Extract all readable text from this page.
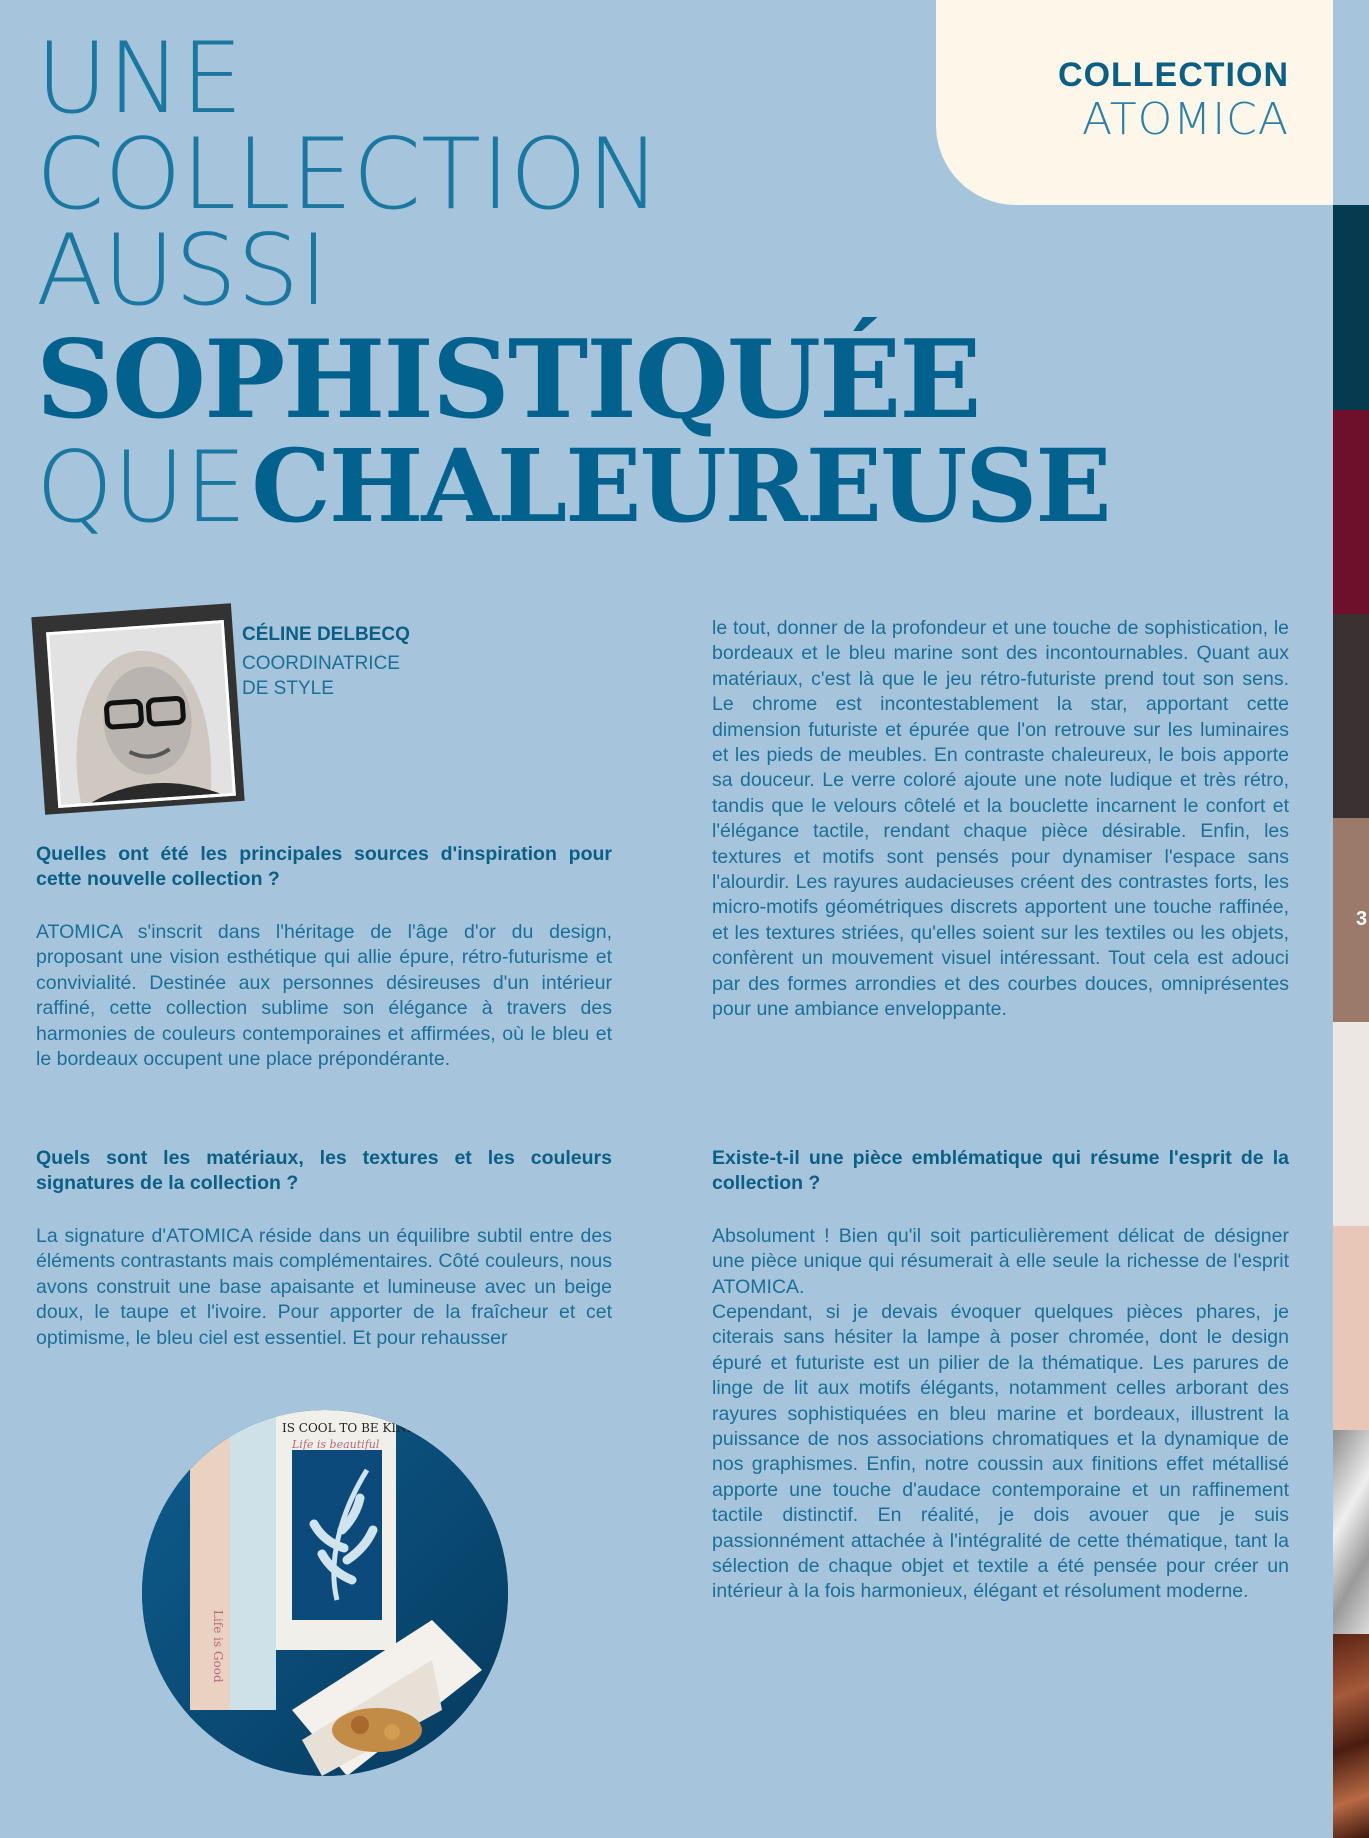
UNE
COLLECTION
AUSSI
SOPHISTIQUÉE
QUE CHALEUREUSE
COLLECTION
ATOMICA
3
CÉLINE DELBECQ
COORDINATRICE
DE STYLE
Quelles ont été les principales sources d'inspiration pour cette nouvelle collection ?
ATOMICA s'inscrit dans l'héritage de l'âge d'or du design, proposant une vision esthétique qui allie épure, rétro-futurisme et convivialité. Destinée aux personnes désireuses d'un intérieur raffiné, cette collection sublime son élégance à travers des harmonies de couleurs contemporaines et affirmées, où le bleu et le bordeaux occupent une place prépondérante.
Quels sont les matériaux, les textures et les couleurs signatures de la collection ?
La signature d'ATOMICA réside dans un équilibre subtil entre des éléments contrastants mais complémentaires. Côté couleurs, nous avons construit une base apaisante et lumineuse avec un beige doux, le taupe et l'ivoire. Pour apporter de la fraîcheur et cet optimisme, le bleu ciel est essentiel. Et pour rehausser
IS COOL TO BE KIND
Life is beautiful
Life is Good
le tout, donner de la profondeur et une touche de sophistication, le bordeaux et le bleu marine sont des incontournables. Quant aux matériaux, c'est là que le jeu rétro-futuriste prend tout son sens. Le chrome est incontestablement la star, apportant cette dimension futuriste et épurée que l'on retrouve sur les luminaires et les pieds de meubles. En contraste chaleureux, le bois apporte sa douceur. Le verre coloré ajoute une note ludique et très rétro, tandis que le velours côtelé et la bouclette incarnent le confort et l'élégance tactile, rendant chaque pièce désirable. Enfin, les textures et motifs sont pensés pour dynamiser l'espace sans l'alourdir. Les rayures audacieuses créent des contrastes forts, les micro-motifs géométriques discrets apportent une touche raffinée, et les textures striées, qu'elles soient sur les textiles ou les objets, confèrent un mouvement visuel intéressant. Tout cela est adouci par des formes arrondies et des courbes douces, omniprésentes pour une ambiance enveloppante.
Existe-t-il une pièce emblématique qui résume l'esprit de la collection ?
Absolument ! Bien qu'il soit particulièrement délicat de désigner une pièce unique qui résumerait à elle seule la richesse de l'esprit ATOMICA.
Cependant, si je devais évoquer quelques pièces phares, je citerais sans hésiter la lampe à poser chromée, dont le design épuré et futuriste est un pilier de la thématique. Les parures de linge de lit aux motifs élégants, notamment celles arborant des rayures sophistiquées en bleu marine et bordeaux, illustrent la puissance de nos associations chromatiques et la dynamique de nos graphismes. Enfin, notre coussin aux finitions effet métallisé apporte une touche d'audace contemporaine et un raffinement tactile distinctif. En réalité, je dois avouer que je suis passionnément attachée à l'intégralité de cette thématique, tant la sélection de chaque objet et textile a été pensée pour créer un intérieur à la fois harmonieux, élégant et résolument moderne.
